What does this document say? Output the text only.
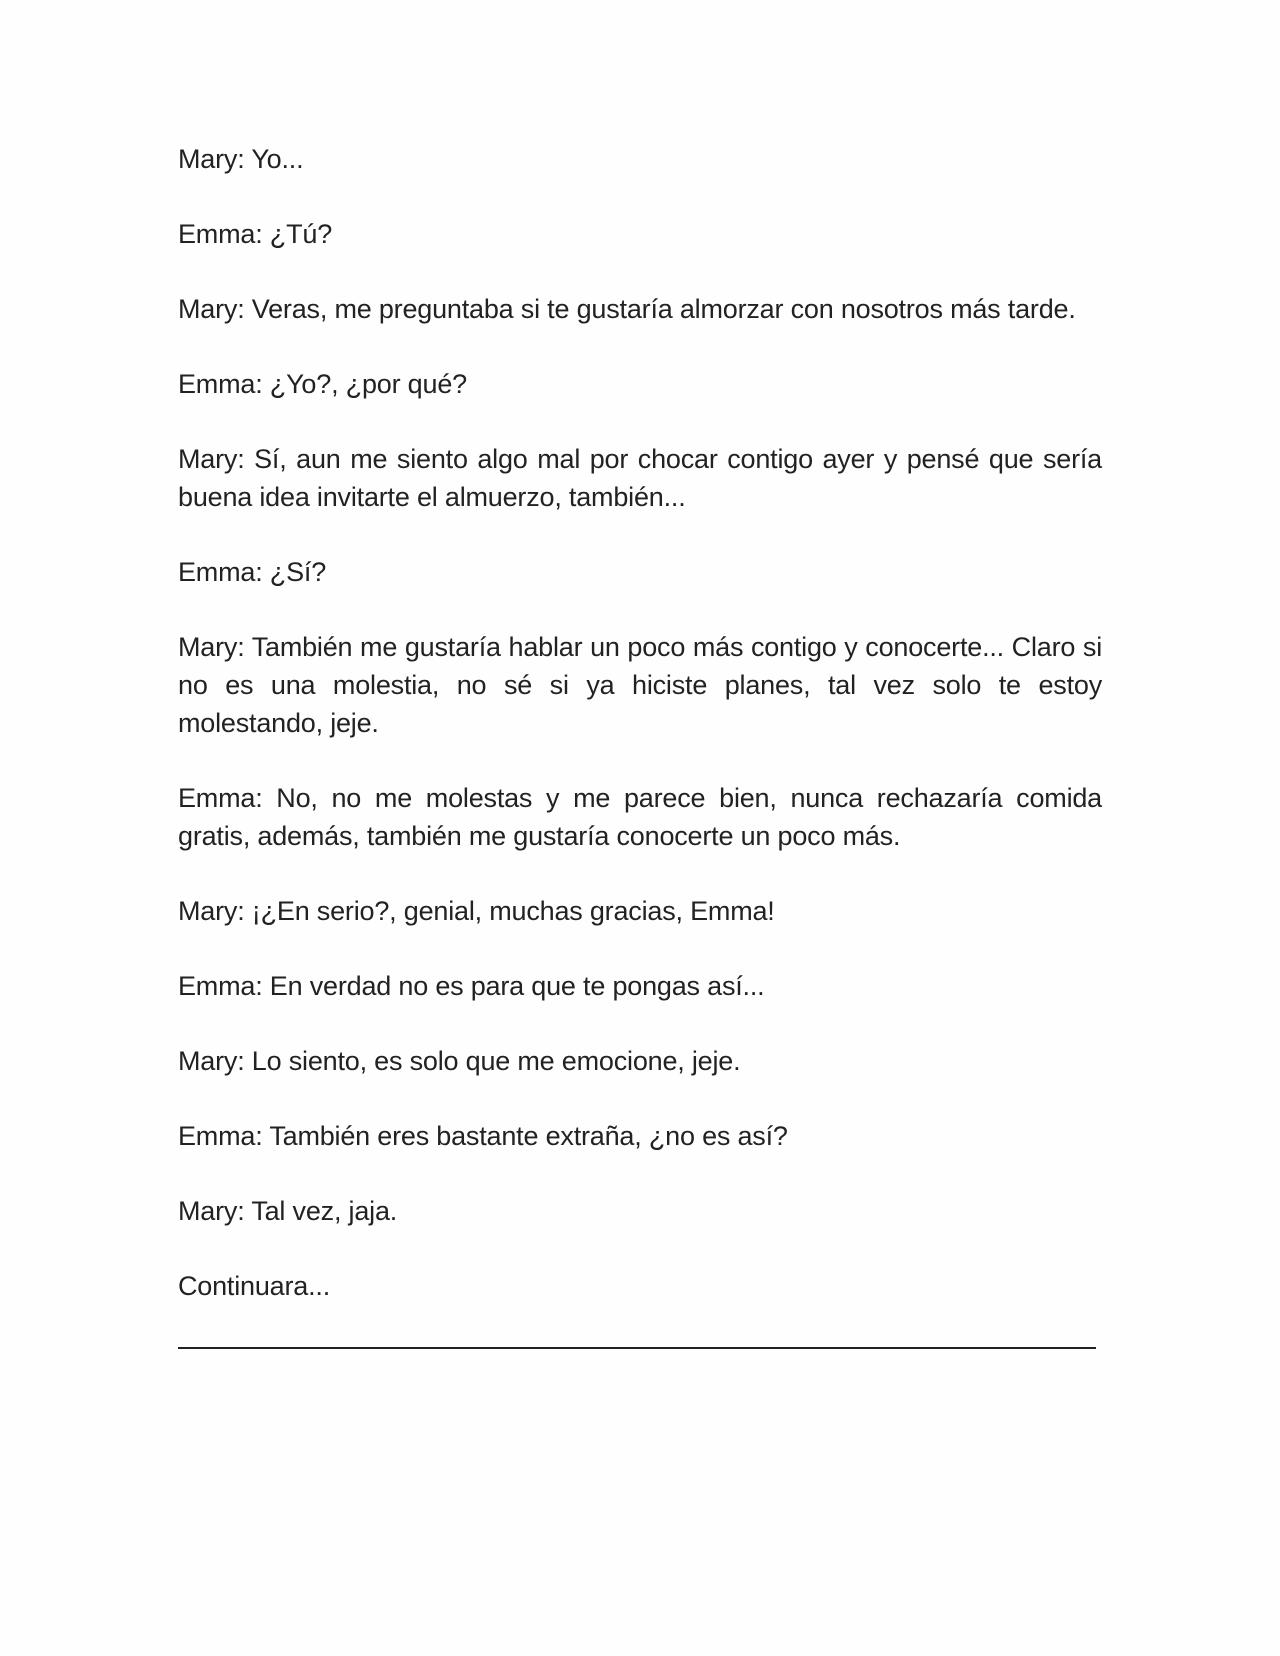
Mary: Yo...

Emma: ¿Tú?

Mary: Veras, me preguntaba si te gustaría almorzar con nosotros más tarde.

Emma: ¿Yo?, ¿por qué?

Mary: Sí, aun me siento algo mal por chocar contigo ayer y pensé que sería buena idea invitarte el almuerzo, también...

Emma: ¿Sí?

Mary: También me gustaría hablar un poco más contigo y conocerte... Claro si no es una molestia, no sé si ya hiciste planes, tal vez solo te estoy molestando, jeje.

Emma: No, no me molestas y me parece bien, nunca rechazaría comida gratis, además, también me gustaría conocerte un poco más.

Mary: ¡¿En serio?, genial, muchas gracias, Emma!

Emma: En verdad no es para que te pongas así...

Mary: Lo siento, es solo que me emocione, jeje.

Emma: También eres bastante extraña, ¿no es así?

Mary: Tal vez, jaja.

Continuara...
